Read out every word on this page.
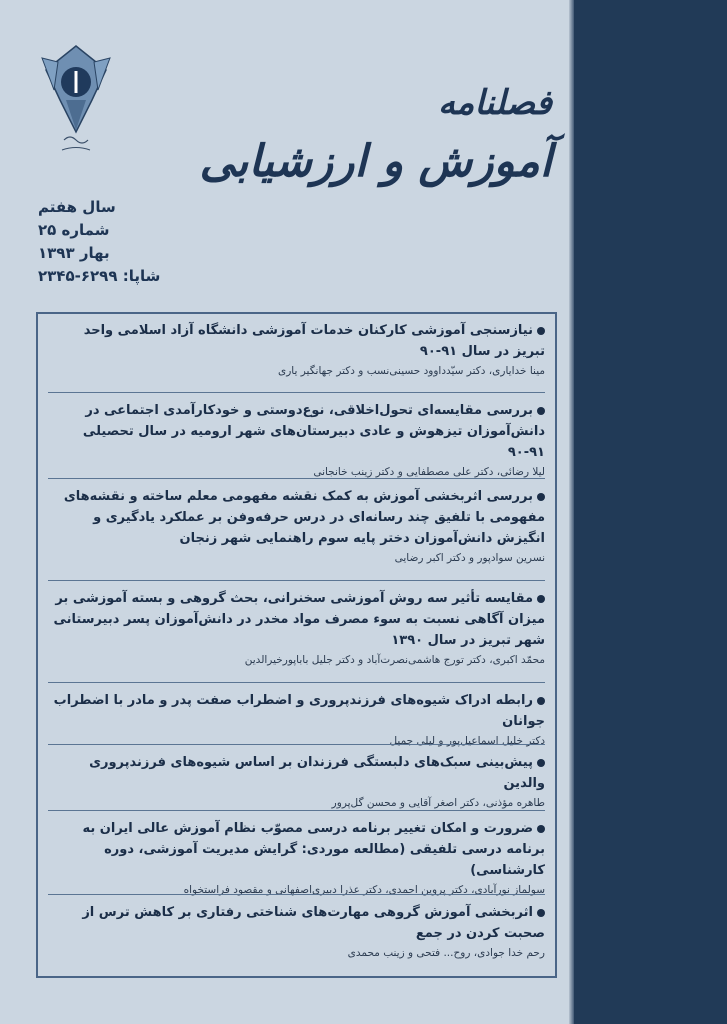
فصلنامه
آموزش و ارزشیابی
سال هفتم
شماره ۲۵
بهار ۱۳۹۳
شاپا: ۶۲۹۹-۲۳۴۵
نیازسنجی آموزشی کارکنان خدمات آموزشی دانشگاه آزاد اسلامی واحد تبریز در سال ۹۱-۹۰
مینا خدایاری، دکتر سیّدداوود حسینی‌نسب و دکتر جهانگیر یاری
بررسی مقایسه‌ای تحول‌اخلاقی، نوع‌دوستی و خودکارآمدی اجتماعی در دانش‌آموزان تیزهوش و عادی دبیرستان‌های شهر ارومیه در سال تحصیلی ۹۱-۹۰
لیلا رضائی، دکتر علی مصطفایی و دکتر زینب خانجانی
بررسی اثربخشی آموزش به کمک نقشه مفهومی معلم ساخته و نقشه‌های مفهومی با تلفیق چند رسانه‌ای در درس حرفه‌وفن بر عملکرد یادگیری و انگیزش دانش‌آموزان دختر پایه سوم راهنمایی شهر زنجان
نسرین سوادپور و دکتر اکبر رضایی
مقایسه تأثیر سه روش آموزشی سخنرانی، بحث گروهی و بسته آموزشی بر میزان آگاهی نسبت به سوء مصرف مواد مخدر در دانش‌آموزان پسر دبیرستانی شهر تبریز در سال ۱۳۹۰
محمّد اکبری، دکتر تورج هاشمی‌نصرت‌آباد و دکتر جلیل باباپورخیرالدین
رابطه ادراک شیوه‌های فرزندپروری و اضطراب صفت پدر و مادر با اضطراب جوانان
دکتر خلیل اسماعیل‌پور و لیلی جمیل
پیش‌بینی سبک‌های دلبستگی فرزندان بر اساس شیوه‌های فرزندپروری والدین
طاهره مؤذنی، دکتر اصغر آقایی و محسن گل‌پرور
ضرورت و امکان تغییر برنامه درسی مصوّب نظام آموزش عالی ایران به برنامه درسی تلفیقی (مطالعه موردی: گرایش مدیریت آموزشی، دوره کارشناسی)
سولماز نورآبادی، دکتر پروین احمدی، دکتر عذرا دبیری‌اصفهانی و مقصود فراستخواه
اثربخشی آموزش گروهی مهارت‌های شناختی رفتاری بر کاهش ترس از صحبت کردن در جمع
رحم خدا جوادی، روح... فتحی و زینب محمدی
